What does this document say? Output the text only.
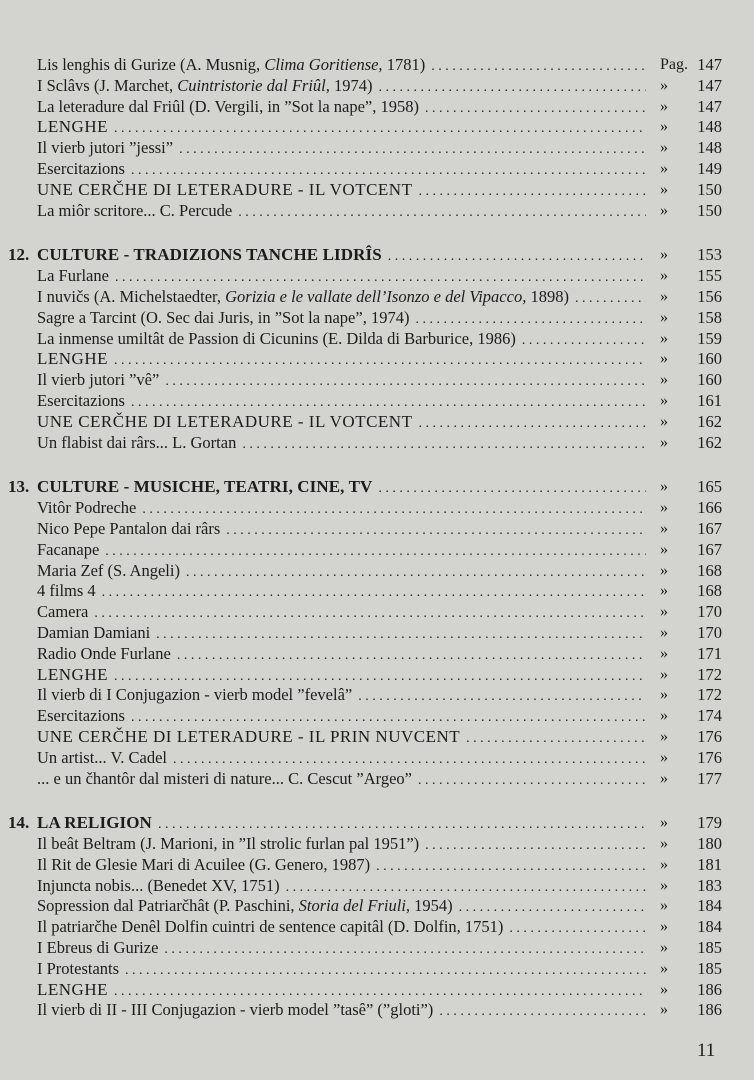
Lis lenghis di Gurize (A. Musnig, Clima Goritiense, 1781) . . .	Pag. 147
I Sclâvs (J. Marchet, Cuintristorie dal Friûl, 1974) . . .	» 147
La leteradure dal Friûl (D. Vergili, in ”Sot la nape”, 1958) . . .	» 147
LENGHE . . .	» 148
Il vierb jutori ”jessi” . . .	» 148
Esercitazions . . .	» 149
UNE CERČHE DI LETERADURE - IL VOTCENT . . .	» 150
La miôr scritore... C. Percude . . .	» 150
12. CULTURE - TRADIZIONS TANCHE LIDRÎS . . .	» 153
La Furlane . . .	» 155
I nuvičs (A. Michelstaedter, Gorizia e le vallate dell’Isonzo e del Vipacco, 1898) . . .	» 156
Sagre a Tarcint (O. Sec dai Juris, in ”Sot la nape”, 1974) . . .	» 158
La inmense umiltât de Passion di Cicunins (E. Dilda di Barburice, 1986) . . .	» 159
LENGHE . . .	» 160
Il vierb jutori ”vê” . . .	» 160
Esercitazions . . .	» 161
UNE CERČHE DI LETERADURE - IL VOTCENT . . .	» 162
Un flabist dai rârs... L. Gortan . . .	» 162
13. CULTURE - MUSICHE, TEATRI, CINE, TV . . .	» 165
Vitôr Podreche . . .	» 166
Nico Pepe Pantalon dai rârs . . .	» 167
Facanape . . .	» 167
Maria Zef (S. Angeli) . . .	» 168
4 films 4 . . .	» 168
Camera . . .	» 170
Damian Damiani . . .	» 170
Radio Onde Furlane . . .	» 171
LENGHE . . .	» 172
Il vierb di I Conjugazion - vierb model ”fevelâ” . . .	» 172
Esercitazions . . .	» 174
UNE CERČHE DI LETERADURE - IL PRIN NUVCENT . . .	» 176
Un artist... V. Cadel . . .	» 176
... e un čhantôr dal misteri di nature... C. Cescut ”Argeo” . . .	» 177
14. LA RELIGION . . .	» 179
Il beât Beltram (J. Marioni, in ”Il strolic furlan pal 1951”) . . .	» 180
Il Rit de Glesie Mari di Acuilee (G. Genero, 1987) . . .	» 181
Injuncta nobis... (Benedet XV, 1751) . . .	» 183
Sopression dal Patriarčhât (P. Paschini, Storia del Friuli, 1954) . . .	» 184
Il patriarčhe Denêl Dolfin cuintri de sentence capitâl (D. Dolfin, 1751) . . .	» 184
I Ebreus di Gurize . . .	» 185
I Protestants . . .	» 185
LENGHE . . .	» 186
Il vierb di II - III Conjugazion - vierb model ”tasê” (”gloti”) . . .	» 186
11
